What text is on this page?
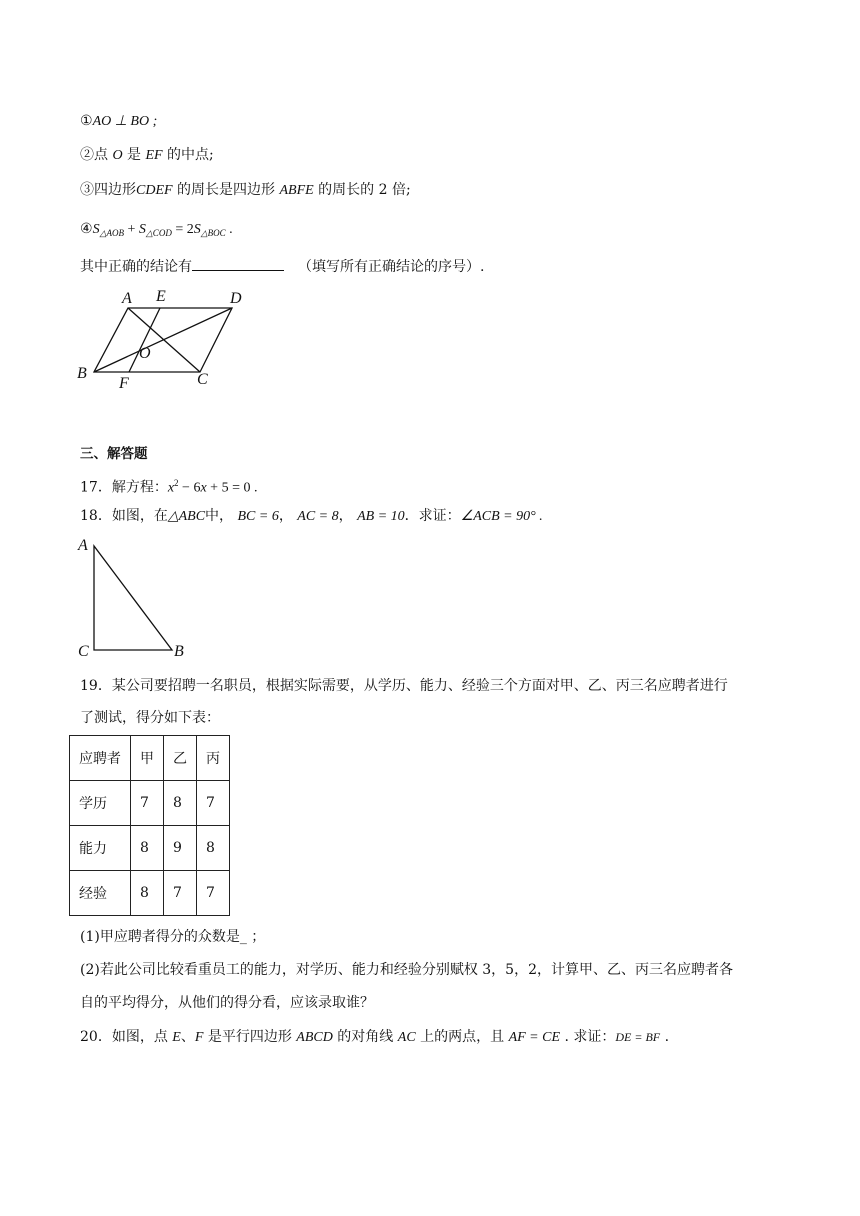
①AO ⊥ BO ;
②点 O 是 EF 的中点;
③四边形CDEF 的周长是四边形 ABFE 的周长的 2 倍;
$④S_{\triangle AOB} + S_{\triangle COD} = 2S_{\triangle BOC}$ .
其中正确的结论有	（填写所有正确结论的序号）.
A E	D
O
B
F	C
三、解答题
17．解方程：$x^2 - 6x + 5 = 0$ .
18．如图，在△ABC中， BC = 6， AC = 8， AB = 10．求证：∠ACB = 90° .
A
C	B
19．某公司要招聘一名职员，根据实际需要，从学历、能力、经验三个方面对甲、乙、丙三名应聘者进行
了测试，得分如下表：
应聘者	甲	乙	丙
学历	7	8	7
能力	8	9	8
经验	8	7	7
(1)甲应聘者得分的众数是_ ；
(2)若此公司比较看重员工的能力，对学历、能力和经验分别赋权 3，5，2，计算甲、乙、丙三名应聘者各
自的平均得分，从他们的得分看，应该录取谁？
20．如图，点 E、F 是平行四边形 ABCD 的对角线 AC 上的两点，且 AF = CE . 求证：DE = BF .
